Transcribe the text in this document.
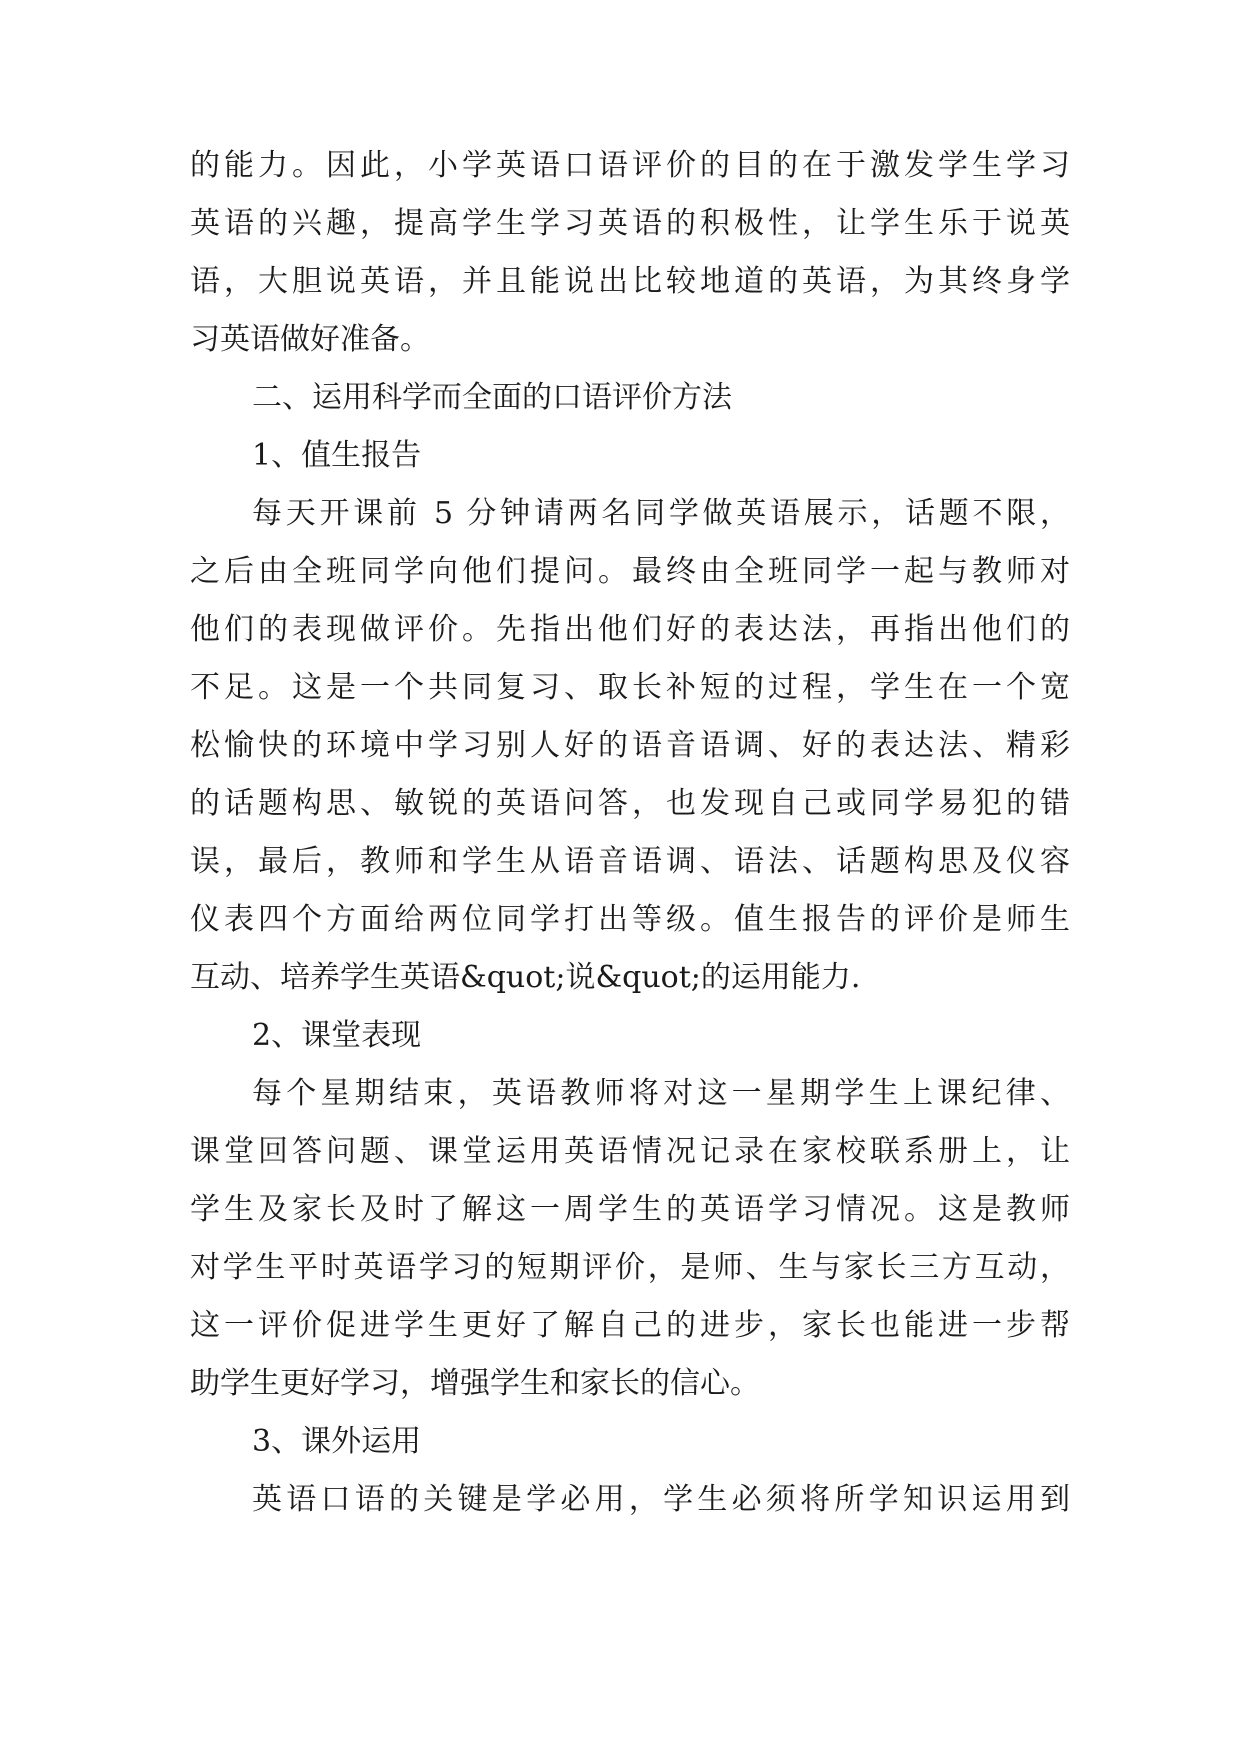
的能力。因此，小学英语口语评价的目的在于激发学生学习
英语的兴趣，提高学生学习英语的积极性，让学生乐于说英
语，大胆说英语，并且能说出比较地道的英语，为其终身学
习英语做好准备。
二、运用科学而全面的口语评价方法
1、值生报告
每天开课前 5 分钟请两名同学做英语展示，话题不限，
之后由全班同学向他们提问。最终由全班同学一起与教师对
他们的表现做评价。先指出他们好的表达法，再指出他们的
不足。这是一个共同复习、取长补短的过程，学生在一个宽
松愉快的环境中学习别人好的语音语调、好的表达法、精彩
的话题构思、敏锐的英语问答，也发现自己或同学易犯的错
误，最后，教师和学生从语音语调、语法、话题构思及仪容
仪表四个方面给两位同学打出等级。值生报告的评价是师生
互动、培养学生英语&quot;说&quot;的运用能力.
2、课堂表现
每个星期结束，英语教师将对这一星期学生上课纪律、
课堂回答问题、课堂运用英语情况记录在家校联系册上，让
学生及家长及时了解这一周学生的英语学习情况。这是教师
对学生平时英语学习的短期评价，是师、生与家长三方互动，
这一评价促进学生更好了解自己的进步，家长也能进一步帮
助学生更好学习，增强学生和家长的信心。
3、课外运用
英语口语的关键是学必用，学生必须将所学知识运用到
